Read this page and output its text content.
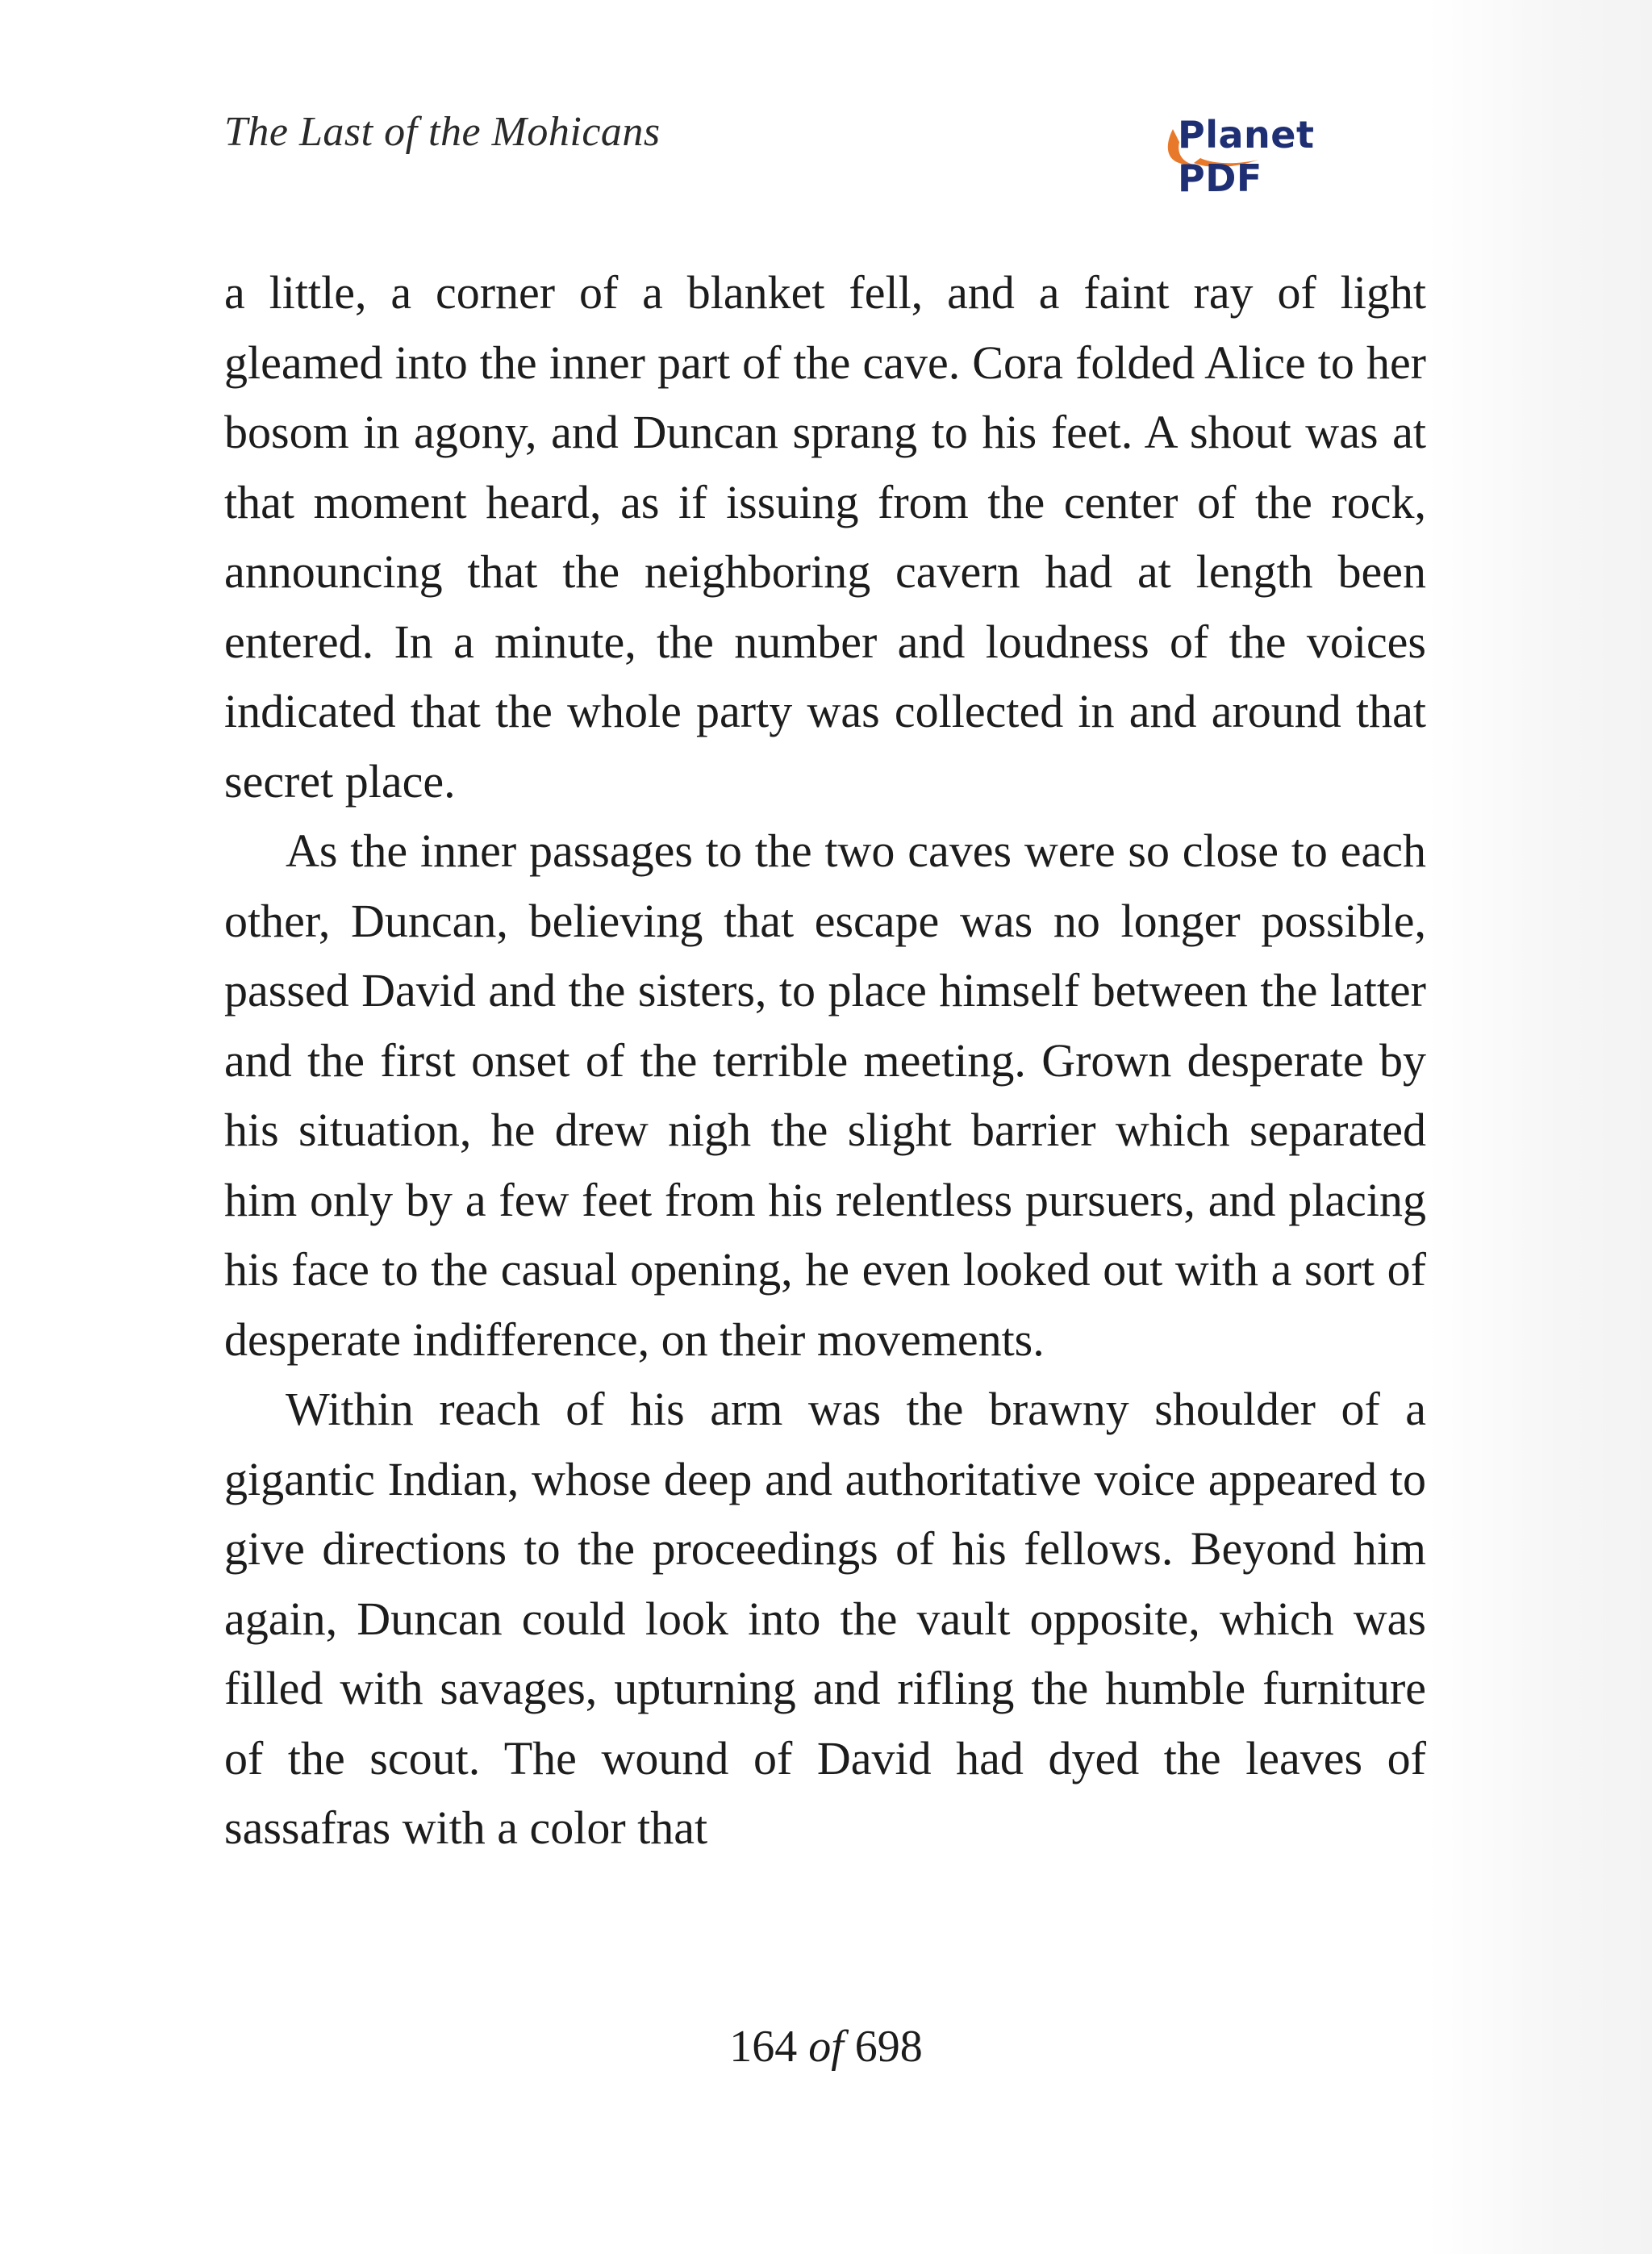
The Last of the Mohicans	Planet PDF

a little, a corner of a blanket fell, and a faint ray of light gleamed into the inner part of the cave. Cora folded Alice to her bosom in agony, and Duncan sprang to his feet. A shout was at that moment heard, as if issuing from the center of the rock, announcing that the neighboring cavern had at length been entered. In a minute, the number and loudness of the voices indicated that the whole party was collected in and around that secret place.

As the inner passages to the two caves were so close to each other, Duncan, believing that escape was no longer possible, passed David and the sisters, to place himself between the latter and the first onset of the terrible meeting. Grown desperate by his situation, he drew nigh the slight barrier which separated him only by a few feet from his relentless pursuers, and placing his face to the casual opening, he even looked out with a sort of desperate indifference, on their movements.

Within reach of his arm was the brawny shoulder of a gigantic Indian, whose deep and authoritative voice appeared to give directions to the proceedings of his fellows. Beyond him again, Duncan could look into the vault opposite, which was filled with savages, upturning and rifling the humble furniture of the scout. The wound of David had dyed the leaves of sassafras with a color that

164 of 698
